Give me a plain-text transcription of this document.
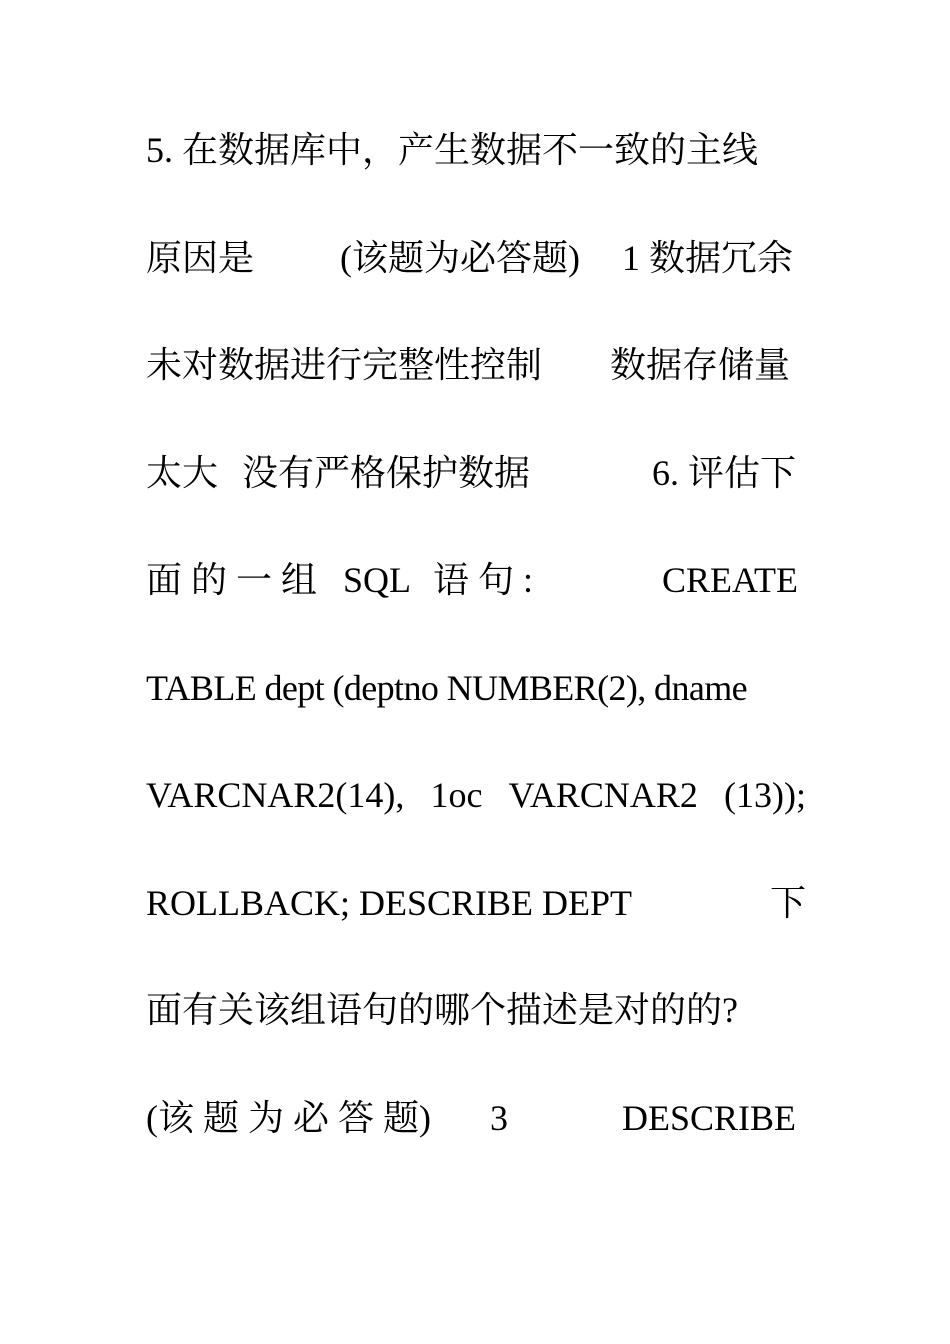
5. 在数据库中，产生数据不一致的主线
原因是 (该题为必答题) 1 数据冗余
未对数据进行完整性控制 数据存储量
太大 没有严格保护数据	6. 评估下
面 的 一 组 SQL 语 句 :	CREATE
TABLE dept (deptno NUMBER(2), dname
VARCNAR2(14), 1oc VARCNAR2 (13));
ROLLBACK; DESCRIBE DEPT	下
面有关该组语句的哪个描述是对的的?
(该 题 为 必 答 题) 3	DESCRIBE
